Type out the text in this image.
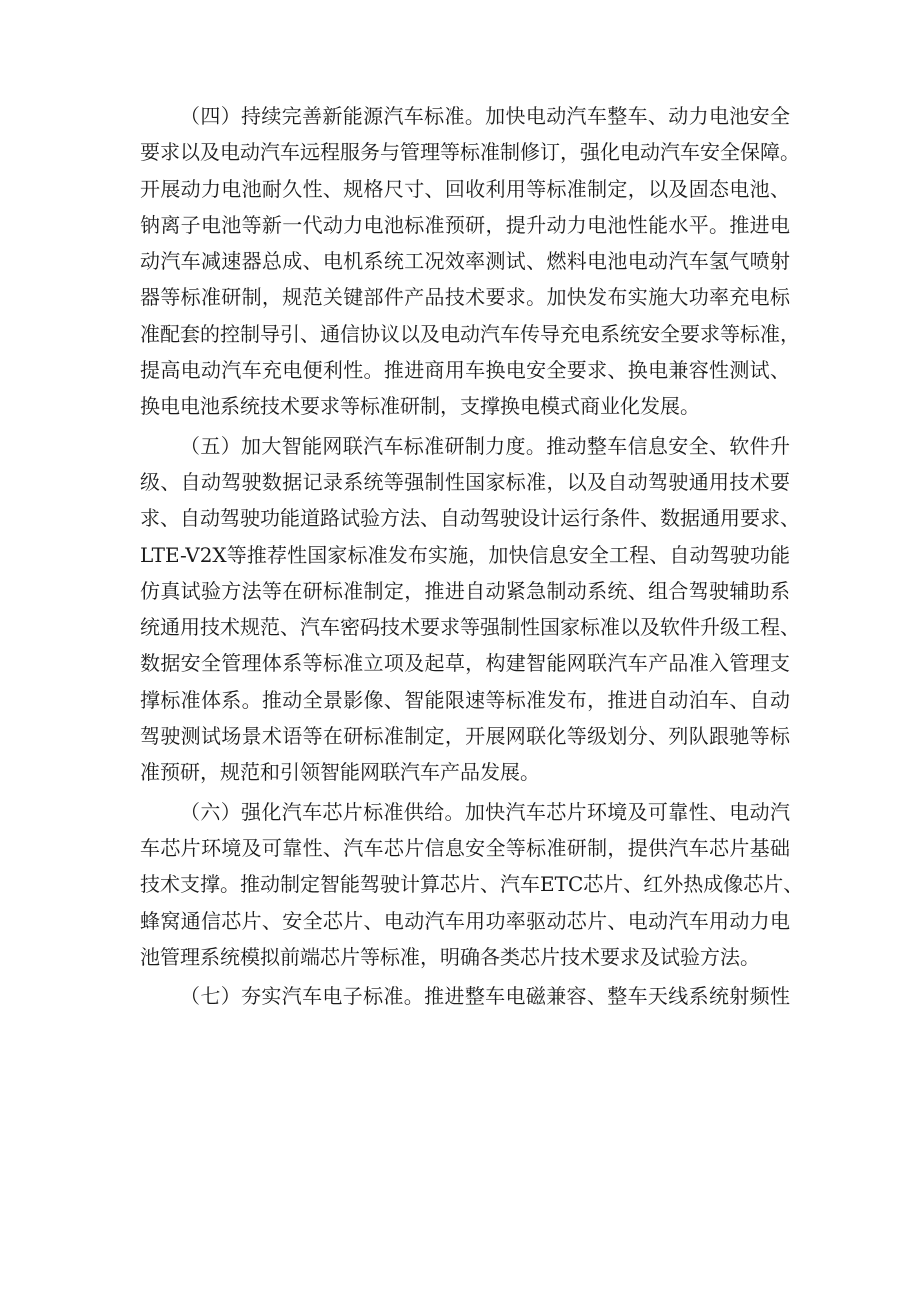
（四）持续完善新能源汽车标准。加快电动汽车整车、动力电池安全
要求以及电动汽车远程服务与管理等标准制修订，强化电动汽车安全保障。
开展动力电池耐久性、规格尺寸、回收利用等标准制定，以及固态电池、
钠离子电池等新一代动力电池标准预研，提升动力电池性能水平。推进电
动汽车减速器总成、电机系统工况效率测试、燃料电池电动汽车氢气喷射
器等标准研制，规范关键部件产品技术要求。加快发布实施大功率充电标
准配套的控制导引、通信协议以及电动汽车传导充电系统安全要求等标准，
提高电动汽车充电便利性。推进商用车换电安全要求、换电兼容性测试、
换电电池系统技术要求等标准研制，支撑换电模式商业化发展。

（五）加大智能网联汽车标准研制力度。推动整车信息安全、软件升
级、自动驾驶数据记录系统等强制性国家标准，以及自动驾驶通用技术要
求、自动驾驶功能道路试验方法、自动驾驶设计运行条件、数据通用要求、
LTE-V2X等推荐性国家标准发布实施，加快信息安全工程、自动驾驶功能
仿真试验方法等在研标准制定，推进自动紧急制动系统、组合驾驶辅助系
统通用技术规范、汽车密码技术要求等强制性国家标准以及软件升级工程、
数据安全管理体系等标准立项及起草，构建智能网联汽车产品准入管理支
撑标准体系。推动全景影像、智能限速等标准发布，推进自动泊车、自动
驾驶测试场景术语等在研标准制定，开展网联化等级划分、列队跟驰等标
准预研，规范和引领智能网联汽车产品发展。

（六）强化汽车芯片标准供给。加快汽车芯片环境及可靠性、电动汽
车芯片环境及可靠性、汽车芯片信息安全等标准研制，提供汽车芯片基础
技术支撑。推动制定智能驾驶计算芯片、汽车ETC芯片、红外热成像芯片、
蜂窝通信芯片、安全芯片、电动汽车用功率驱动芯片、电动汽车用动力电
池管理系统模拟前端芯片等标准，明确各类芯片技术要求及试验方法。

（七）夯实汽车电子标准。推进整车电磁兼容、整车天线系统射频性
